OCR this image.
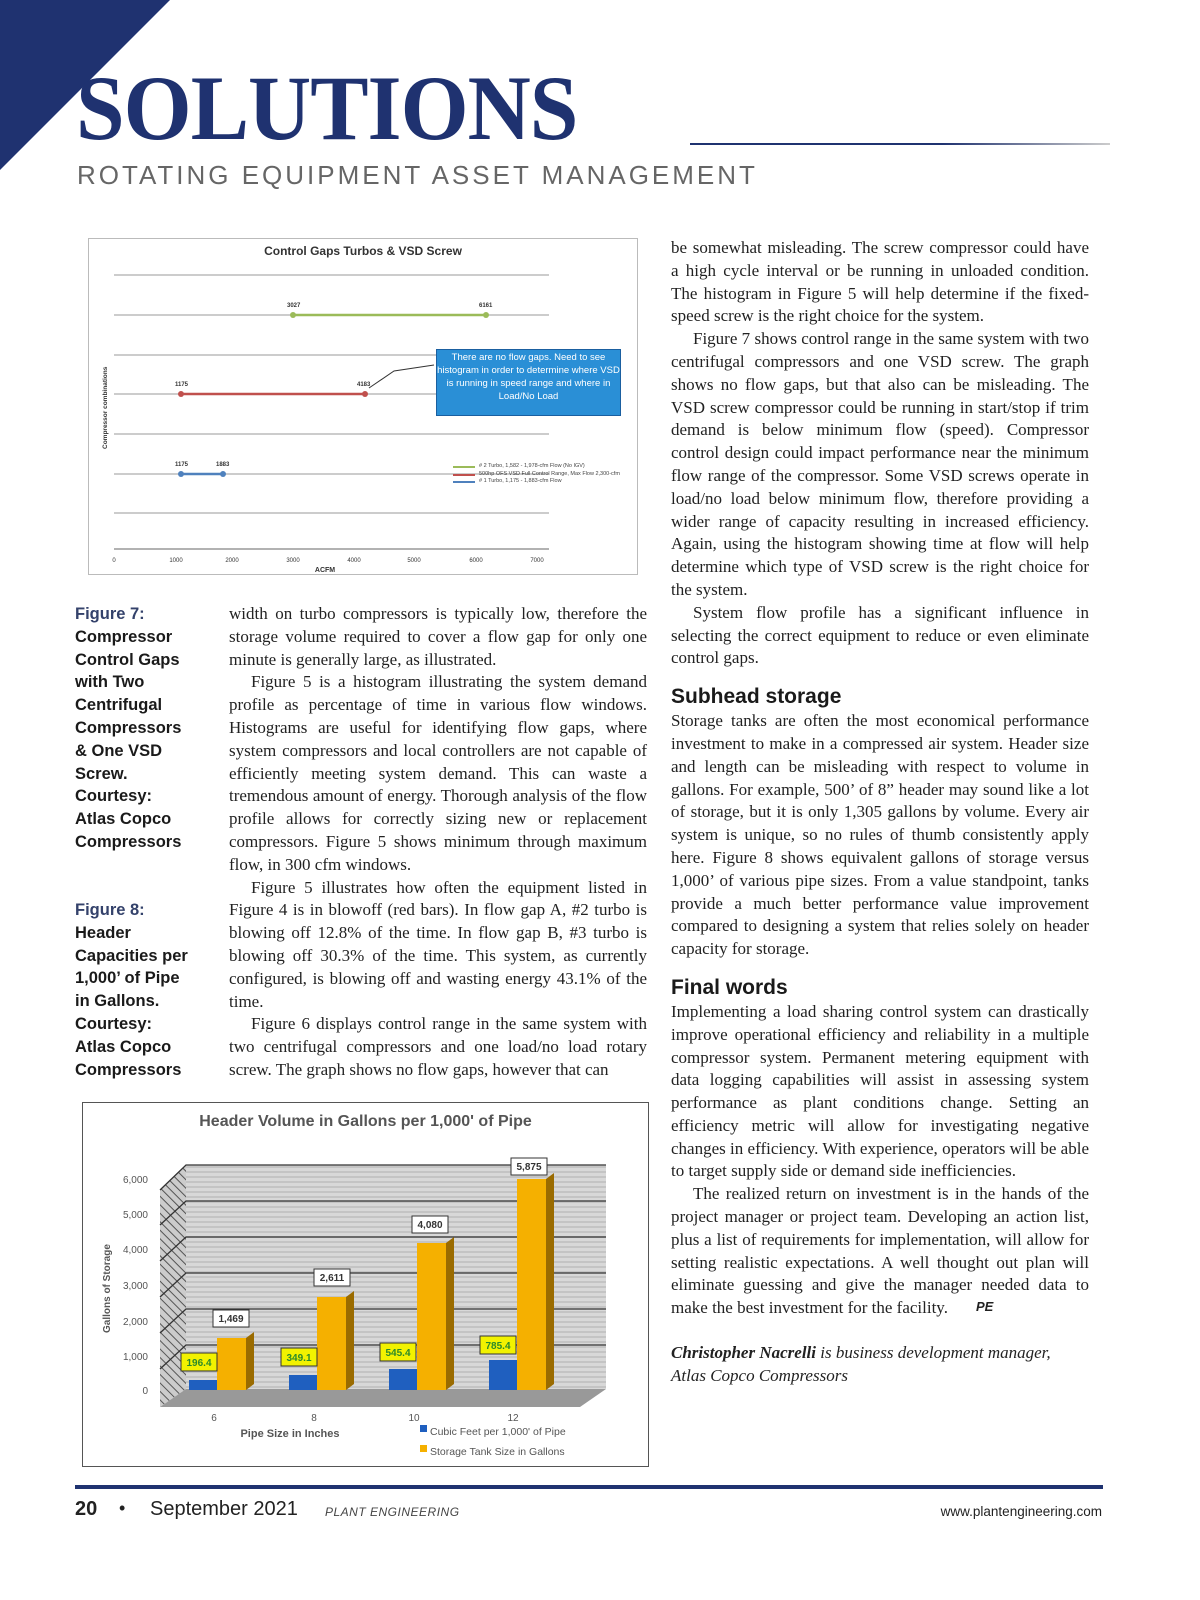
SOLUTIONS
ROTATING EQUIPMENT ASSET MANAGEMENT
3027	6161
1175	4183
1175	1883
0	1000	2000	3000	4000	5000	6000	7000
ACFM
Compressor combinations
Control Gaps Turbos & VSD Screw
There are no flow gaps. Need to see histogram in order to determine where VSD is running in speed range and where in Load/No Load
# 2 Turbo, 1,582 - 1,978-cfm Flow (No IGV)
500hp OFS VSD Full Control Range, Max Flow 2,300-cfm
# 1 Turbo, 1,175 - 1,883-cfm Flow
Figure 7:
Compressor
Control Gaps
with Two
Centrifugal
Compressors
& One VSD
Screw.
Courtesy:
Atlas Copco
Compressors
Figure 8:
Header
Capacities per
1,000’ of Pipe
in Gallons.
Courtesy:
Atlas Copco
Compressors

width on turbo compressors is typically low, therefore the storage volume required to cover a flow gap for only one minute is generally large, as illustrated.

Figure 5 is a histogram illustrating the system demand profile as percentage of time in various flow windows. Histograms are useful for identifying flow gaps, where system compressors and local controllers are not capable of efficiently meeting system demand. This can waste a tremendous amount of energy. Thorough analysis of the flow profile allows for correctly sizing new or replacement compressors. Figure 5 shows minimum through maximum flow, in 300 cfm windows.

Figure 5 illustrates how often the equipment listed in Figure 4 is in blowoff (red bars). In flow gap A, #2 turbo is blowing off 12.8% of the time. In flow gap B, #3 turbo is blowing off 30.3% of the time. This system, as currently configured, is blowing off and wasting energy 43.1% of the time.

Figure 6 displays control range in the same system with two centrifugal compressors and one load/no load rotary screw. The graph shows no flow gaps, however that can

be somewhat misleading. The screw compressor could have a high cycle interval or be running in unloaded condition. The histogram in Figure 5 will help determine if the fixed-speed screw is the right choice for the system.

Figure 7 shows control range in the same system with two centrifugal compressors and one VSD screw. The graph shows no flow gaps, but that also can be misleading. The VSD screw compressor could be running in start/stop if trim demand is below minimum flow (speed). Compressor control design could impact performance near the minimum flow range of the compressor. Some VSD screws operate in load/no load below minimum flow, therefore providing a wider range of capacity resulting in increased efficiency. Again, using the histogram showing time at flow will help determine which type of VSD screw is the right choice for the system.

System flow profile has a significant influence in selecting the correct equipment to reduce or even eliminate control gaps.

Subhead storage

Storage tanks are often the most economical performance investment to make in a compressed air system. Header size and length can be misleading with respect to volume in gallons. For example, 500’ of 8” header may sound like a lot of storage, but it is only 1,305 gallons by volume. Every air system is unique, so no rules of thumb consistently apply here. Figure 8 shows equivalent gallons of storage versus 1,000’ of various pipe sizes. From a value standpoint, tanks provide a much better performance value improvement compared to designing a system that relies solely on header capacity for storage.

Final words

Implementing a load sharing control system can drastically improve operational efficiency and reliability in a multiple compressor system. Permanent metering equipment with data logging capabilities will assist in assessing system performance as plant conditions change. Setting an efficiency metric will allow for investigating negative changes in efficiency. With experience, operators will be able to target supply side or demand side inefficiencies.

The realized return on investment is in the hands of the project manager or project team. Developing an action list, plus a list of requirements for implementation, will allow for setting realistic expectations. A well thought out plan will eliminate guessing and give the manager needed data to make the best investment for the facility. PE

Christopher Nacrelli is business development manager, Atlas Copco Compressors

1,469
2,611
4,080
5,875
196.4	349.1	545.4
785.4
0
1,000
2,000
3,000
4,000
5,000
6,000
6	8	10	12
Gallons of Storage
Pipe Size in Inches
Header Volume in Gallons per 1,000' of Pipe
Cubic Feet per 1,000' of Pipe
Storage Tank Size in Gallons
20 • September 2021 PLANT ENGINEERING	www.plantengineering.com
